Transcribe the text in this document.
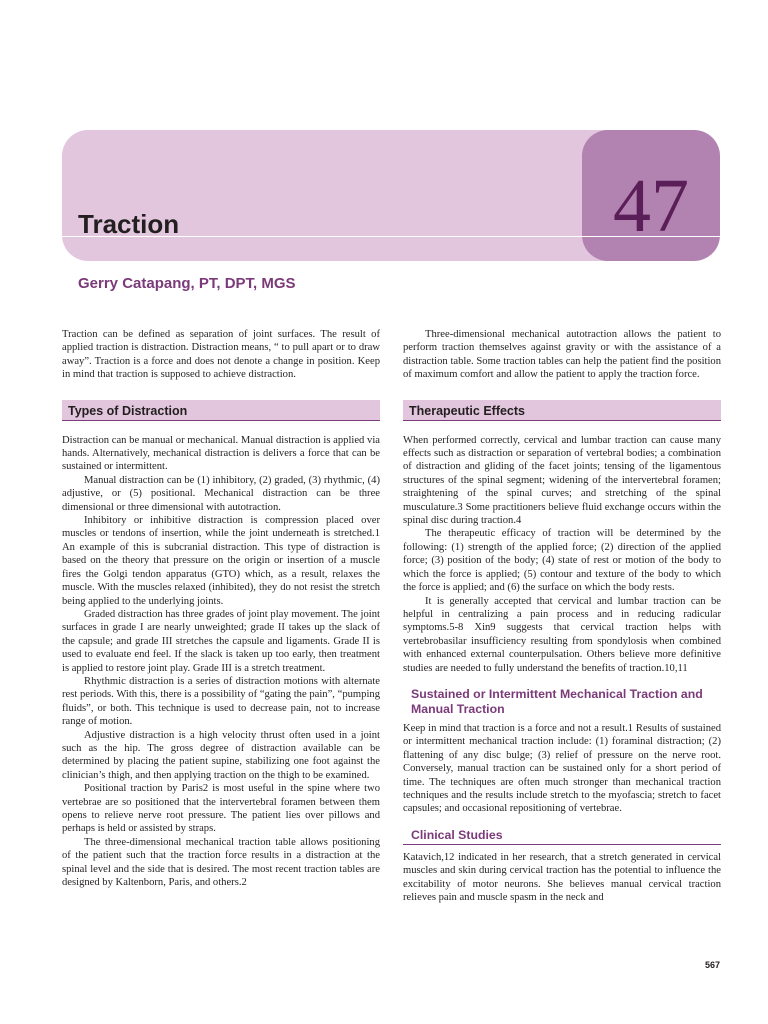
47
Traction
Gerry Catapang, PT, DPT, MGS

Traction can be defined as separation of joint surfaces. The result of applied traction is distraction. Distraction means, “ to pull apart or to draw away”. Traction is a force and does not denote a change in position. Keep in mind that traction is supposed to achieve distraction.

Types of Distraction

Distraction can be manual or mechanical. Manual distraction is applied via hands. Alternatively, mechanical distraction is delivers a force that can be sustained or intermittent.

Manual distraction can be (1) inhibitory, (2) graded, (3) rhythmic, (4) adjustive, or (5) positional. Mechanical distraction can be three dimensional or three dimensional with autotraction.

Inhibitory or inhibitive distraction is compression placed over muscles or tendons of insertion, while the joint underneath is stretched.1 An example of this is subcranial distraction. This type of distraction is based on the theory that pressure on the origin or insertion of a muscle fires the Golgi tendon apparatus (GTO) which, as a result, relaxes the muscle. With the muscles relaxed (inhibited), they do not resist the stretch being applied to the underlying joints.

Graded distraction has three grades of joint play movement. The joint surfaces in grade I are nearly unweighted; grade II takes up the slack of the capsule; and grade III stretches the capsule and ligaments. Grade II is used to evaluate end feel. If the slack is taken up too early, then treatment is applied to restore joint play. Grade III is a stretch treatment.

Rhythmic distraction is a series of distraction motions with alternate rest periods. With this, there is a possibility of “gating the pain”, “pumping fluids”, or both. This technique is used to decrease pain, not to increase range of motion.

Adjustive distraction is a high velocity thrust often used in a joint such as the hip. The gross degree of distraction available can be determined by placing the patient supine, stabilizing one foot against the clinician’s thigh, and then applying traction on the thigh to be examined.

Positional traction by Paris2 is most useful in the spine where two vertebrae are so positioned that the intervertebral foramen between them opens to relieve nerve root pressure. The patient lies over pillows and perhaps is held or assisted by straps.

The three-dimensional mechanical traction table allows positioning of the patient such that the traction force results in a distraction at the spinal level and the side that is desired. The most recent traction tables are designed by Kaltenborn, Paris, and others.2

Three-dimensional mechanical autotraction allows the patient to perform traction themselves against gravity or with the assistance of a distraction table. Some traction tables can help the patient find the position of maximum comfort and allow the patient to apply the traction force.

Therapeutic Effects

When performed correctly, cervical and lumbar traction can cause many effects such as distraction or separation of vertebral bodies; a combination of distraction and gliding of the facet joints; tensing of the ligamentous structures of the spinal segment; widening of the intervertebral foramen; straightening of the spinal curves; and stretching of the spinal musculature.3 Some practitioners believe fluid exchange occurs within the spinal disc during traction.4

The therapeutic efficacy of traction will be determined by the following: (1) strength of the applied force; (2) direction of the applied force; (3) position of the body; (4) state of rest or motion of the body to which the force is applied; (5) contour and texture of the body to which the force is applied; and (6) the surface on which the body rests.

It is generally accepted that cervical and lumbar traction can be helpful in centralizing a pain process and in reducing radicular symptoms.5-8 Xin9 suggests that cervical traction helps with vertebrobasilar insufficiency resulting from spondylosis when combined with enhanced external counterpulsation. Others believe more definitive studies are needed to fully understand the benefits of traction.10,11

Sustained or Intermittent Mechanical Traction and Manual Traction

Keep in mind that traction is a force and not a result.1 Results of sustained or intermittent mechanical traction include: (1) foraminal distraction; (2) flattening of any disc bulge; (3) relief of pressure on the nerve root. Conversely, manual traction can be sustained only for a short period of time. The techniques are often much stronger than mechanical traction techniques and the results include stretch to the myofascia; stretch to facet capsules; and occasional repositioning of vertebrae.

Clinical Studies

Katavich,12 indicated in her research, that a stretch generated in cervical muscles and skin during cervical traction has the potential to influence the excitability of motor neurons. She believes manual cervical traction relieves pain and muscle spasm in the neck and

567
